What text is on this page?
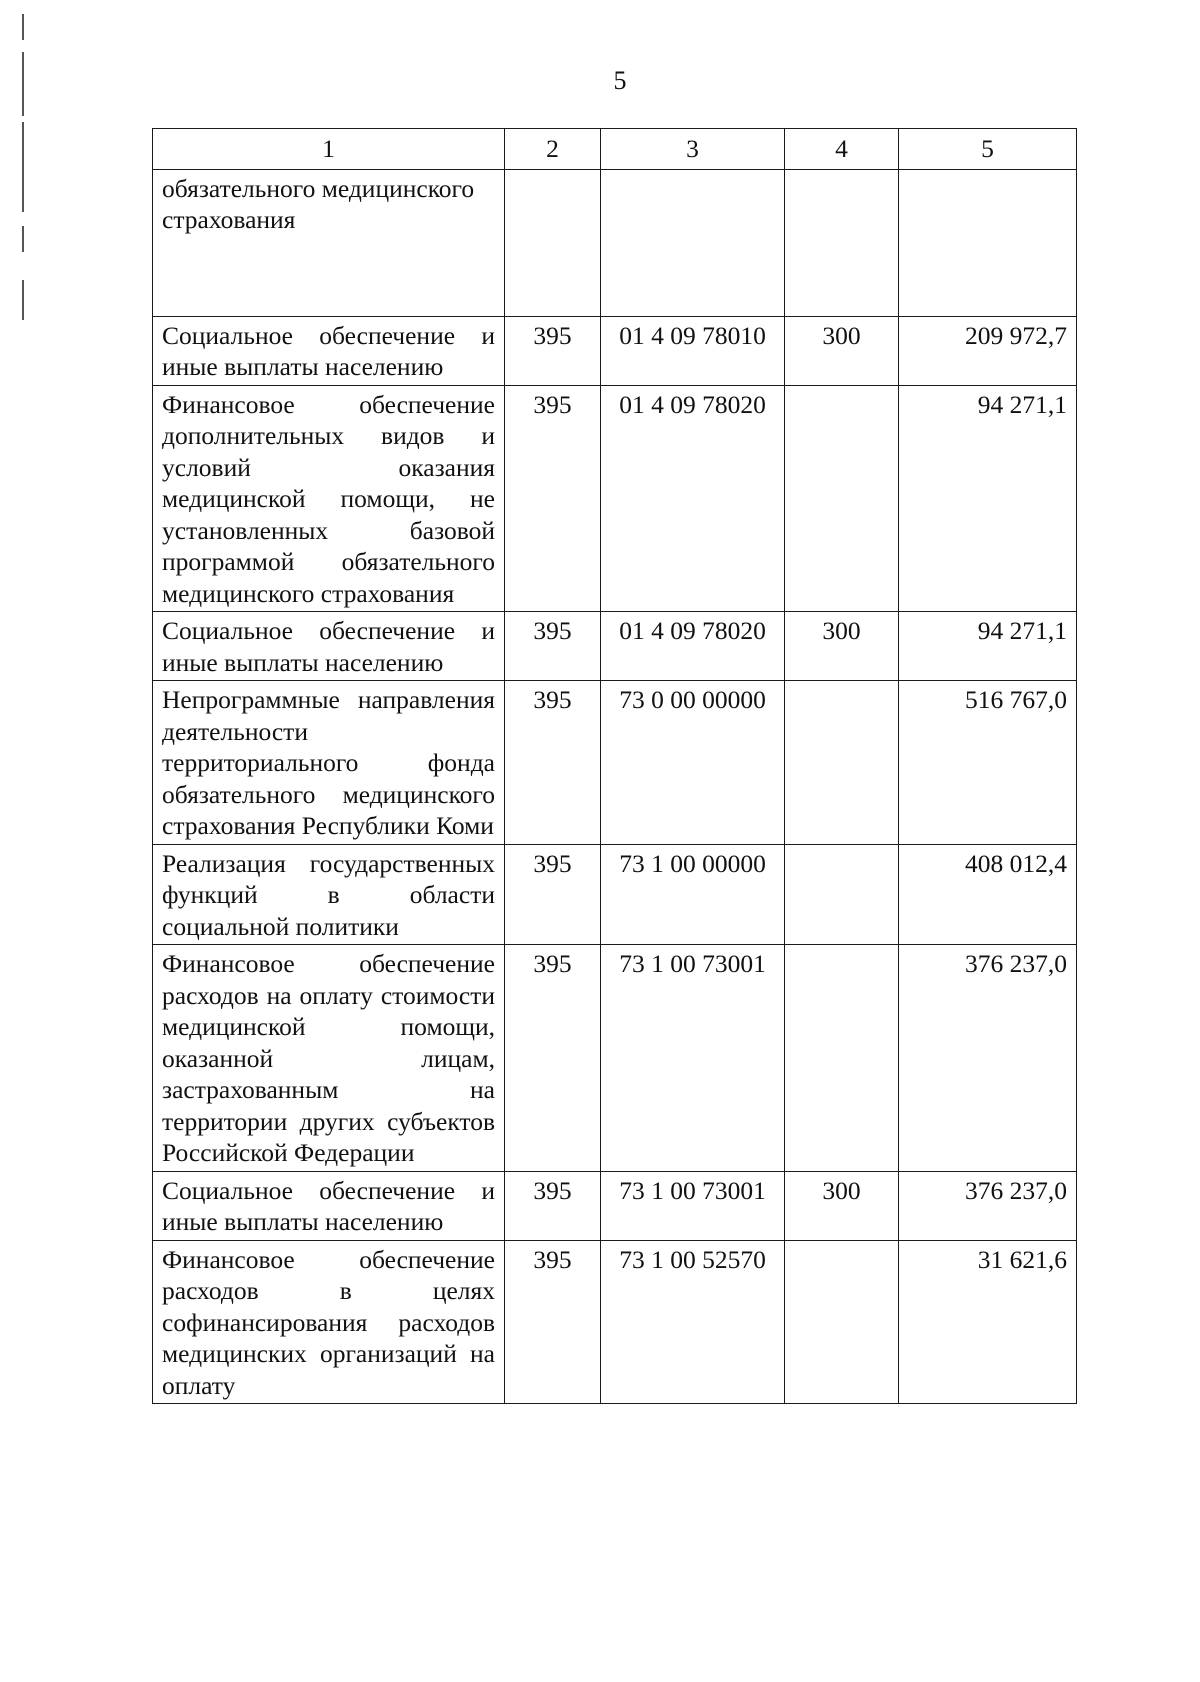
5
1	2	3	4	5
обязательного медицинского страхования				
Социальное обеспечение и иные выплаты населению	395	01 4 09 78010	300	209 972,7
Финансовое обеспечение дополнительных видов и условий оказания медицинской помощи, не установленных базовой программой обязательного медицинского страхования	395	01 4 09 78020		94 271,1
Социальное обеспечение и иные выплаты населению	395	01 4 09 78020	300	94 271,1
Непрограммные направления деятельности территориального фонда обязательного медицинского страхования Республики Коми	395	73 0 00 00000		516 767,0
Реализация государственных функций в области социальной политики	395	73 1 00 00000		408 012,4
Финансовое обеспечение расходов на оплату стоимости медицинской помощи, оказанной лицам, застрахованным на территории других субъектов Российской Федерации	395	73 1 00 73001		376 237,0
Социальное обеспечение и иные выплаты населению	395	73 1 00 73001	300	376 237,0
Финансовое обеспечение расходов в целях софинансирования расходов медицинских организаций на оплату	395	73 1 00 52570		31 621,6
